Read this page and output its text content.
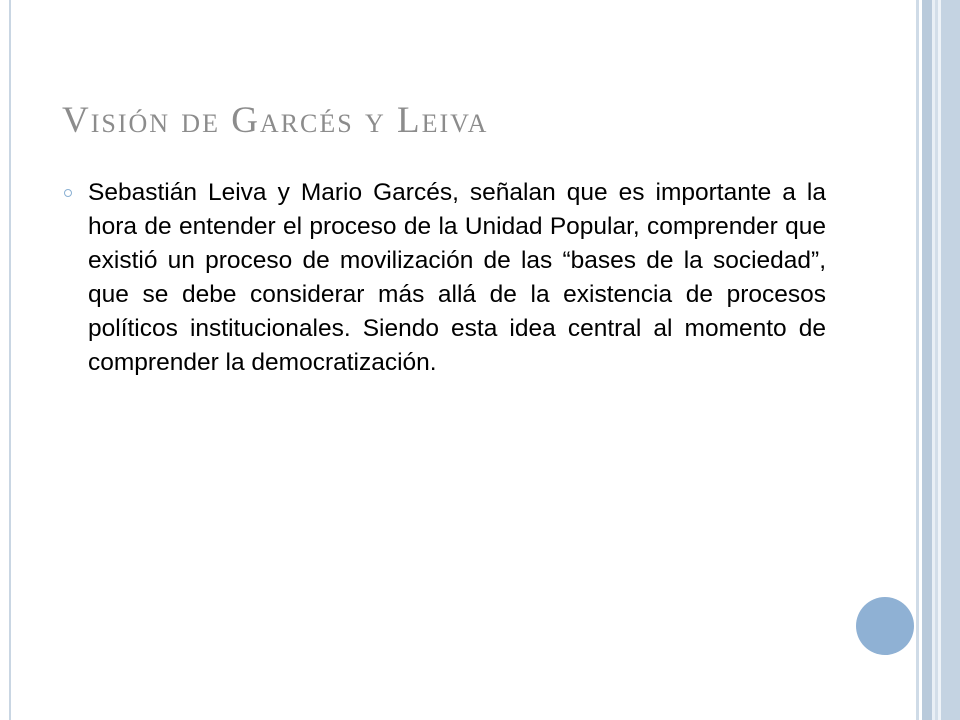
Visión de Garcés y Leiva
Sebastián Leiva y Mario Garcés, señalan que es importante a la hora de entender el proceso de la Unidad Popular, comprender que existió un proceso de movilización de las “bases de la sociedad”, que se debe considerar más allá de la existencia de procesos políticos institucionales. Siendo esta idea central al momento de comprender la democratización.
